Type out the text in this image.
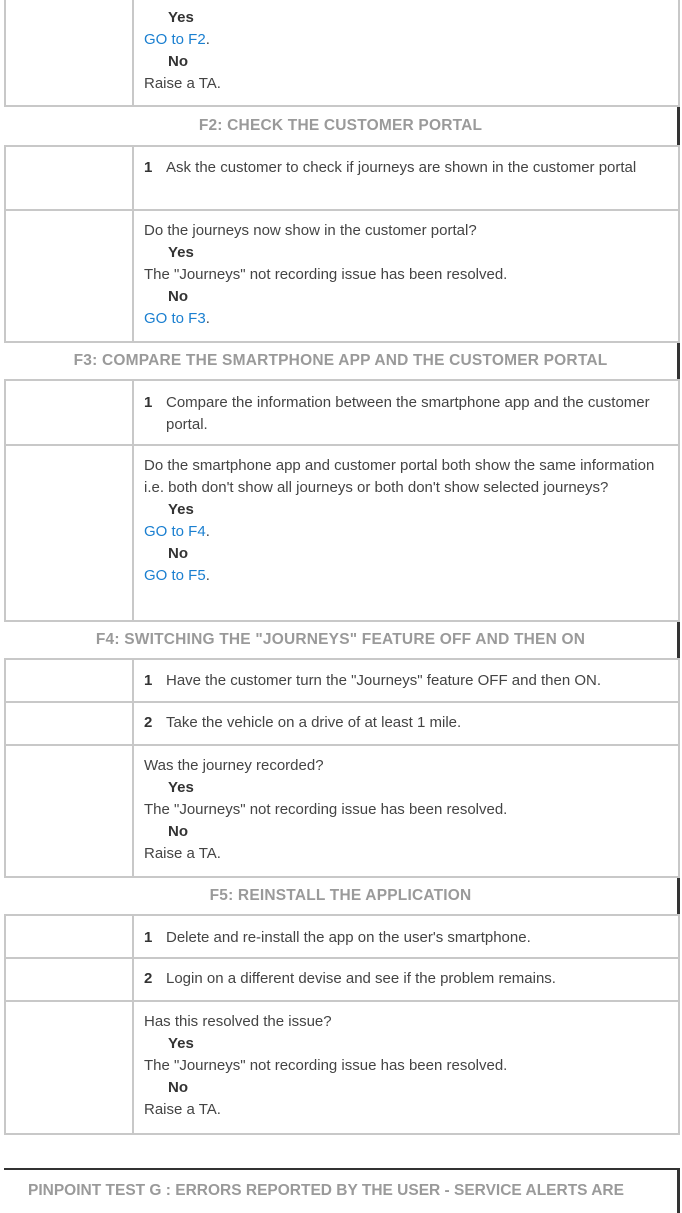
Yes
GO to F2.
No
Raise a TA.
F2: CHECK THE CUSTOMER PORTAL
1 Ask the customer to check if journeys are shown in the customer portal
Do the journeys now show in the customer portal?
Yes
The "Journeys" not recording issue has been resolved.
No
GO to F3.
F3: COMPARE THE SMARTPHONE APP AND THE CUSTOMER PORTAL
1 Compare the information between the smartphone app and the customer portal.
Do the smartphone app and customer portal both show the same information i.e. both don't show all journeys or both don't show selected journeys?
Yes
GO to F4.
No
GO to F5.
F4: SWITCHING THE "JOURNEYS" FEATURE OFF AND THEN ON
1 Have the customer turn the "Journeys" feature OFF and then ON.
2 Take the vehicle on a drive of at least 1 mile.
Was the journey recorded?
Yes
The "Journeys" not recording issue has been resolved.
No
Raise a TA.
F5: REINSTALL THE APPLICATION
1 Delete and re-install the app on the user's smartphone.
2 Login on a different devise and see if the problem remains.
Has this resolved the issue?
Yes
The "Journeys" not recording issue has been resolved.
No
Raise a TA.
PINPOINT TEST G : ERRORS REPORTED BY THE USER - SERVICE ALERTS ARE
